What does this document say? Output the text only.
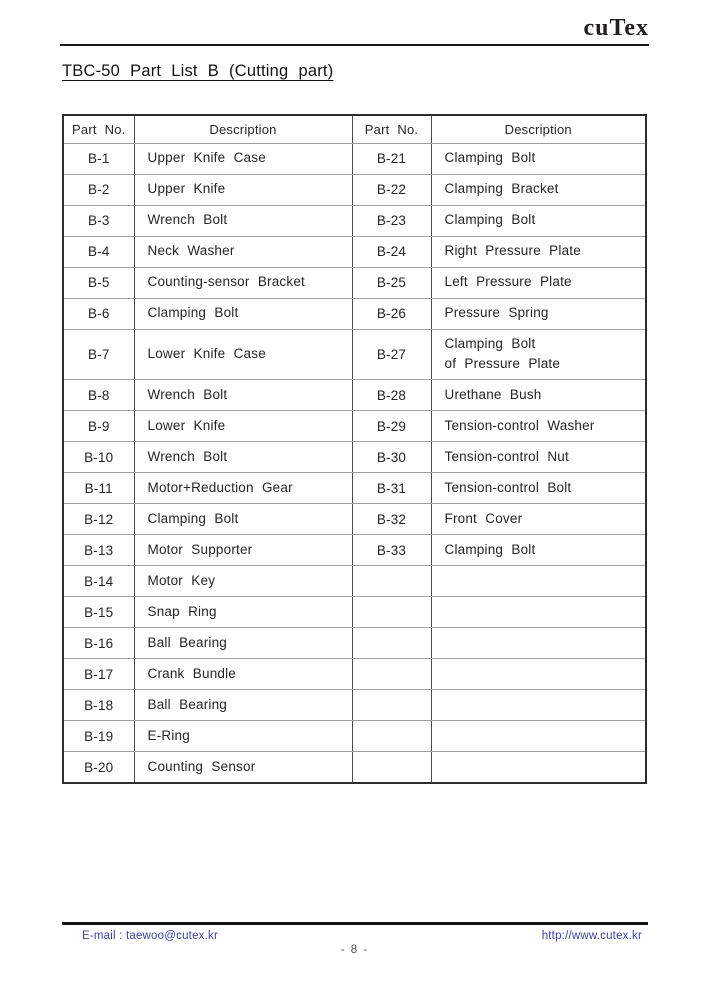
cuTex
TBC-50 Part List B (Cutting part)
Part No.	Description	Part No.	Description
B-1	Upper Knife Case	B-21	Clamping Bolt
B-2	Upper Knife	B-22	Clamping Bracket
B-3	Wrench Bolt	B-23	Clamping Bolt
B-4	Neck Washer	B-24	Right Pressure Plate
B-5	Counting-sensor Bracket	B-25	Left Pressure Plate
B-6	Clamping Bolt	B-26	Pressure Spring
B-7	Lower Knife Case	B-27	Clamping Bolt
of Pressure Plate

B-8	Wrench Bolt	B-28	Urethane Bush
B-9	Lower Knife	B-29	Tension-control Washer
B-10	Wrench Bolt	B-30	Tension-control Nut
B-11	Motor+Reduction Gear	B-31	Tension-control Bolt
B-12	Clamping Bolt	B-32	Front Cover
B-13	Motor Supporter	B-33	Clamping Bolt
B-14	Motor Key		
B-15	Snap Ring		
B-16	Ball Bearing		
B-17	Crank Bundle		
B-18	Ball Bearing		
B-19	E-Ring		
B-20	Counting Sensor		
E-mail : taewoo@cutex.kr	http://www.cutex.kr
- 8 -
